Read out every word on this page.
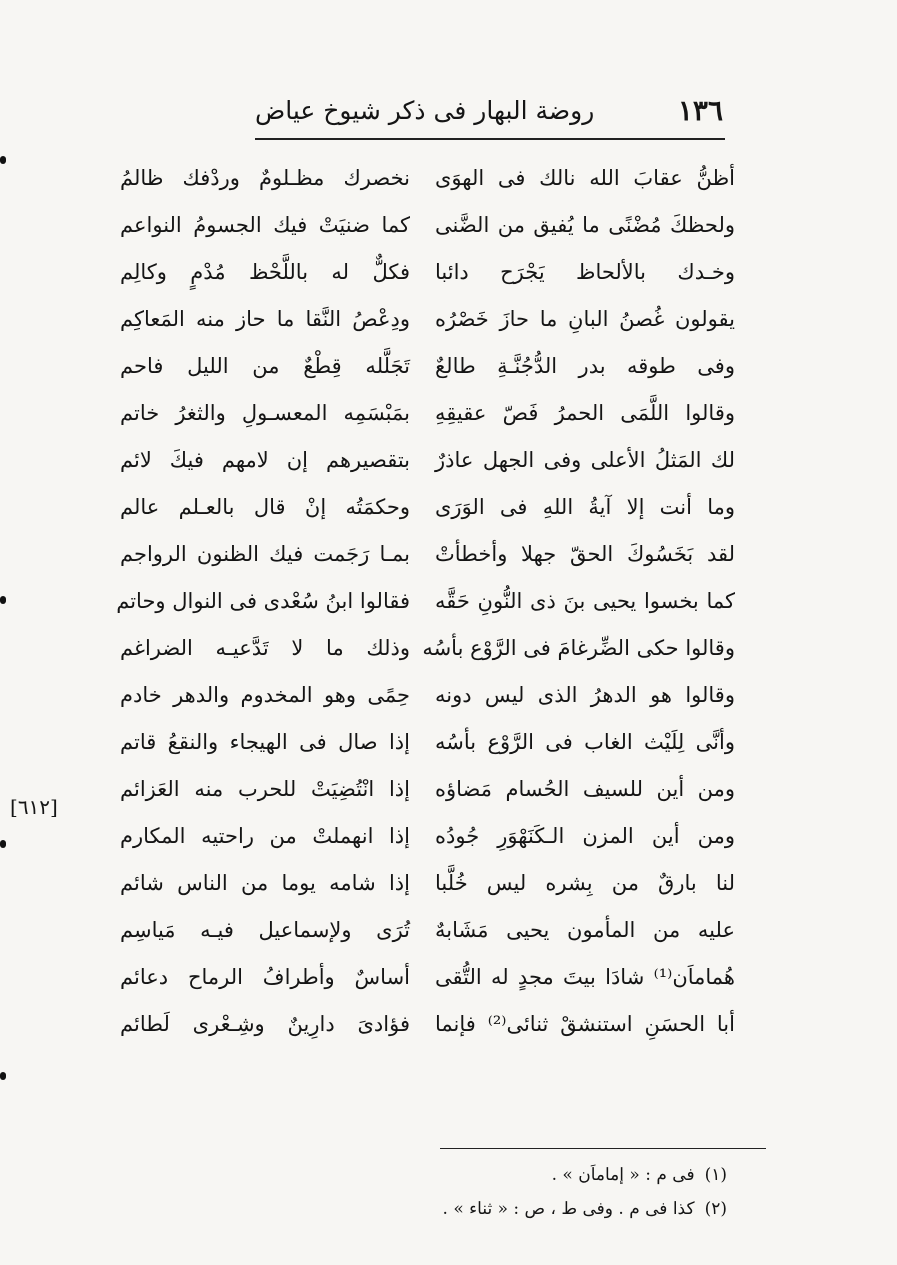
١٣٦
روضة البهار فى ذكر شيوخ عياض
أظنُّ عقابَ الله نالك فى الهوَى
نخصرك مظـلومٌ وردْفك ظالمُ
ولحظكَ مُضْنًى ما يُفيق من الضَّنى
كما ضنيَتْ فيك الجسومُ النواعم
وخـدك بالألحاظ يَجْرَح دائبا
فكلٌّ له باللَّحْظ مُدْمٍ وكالِم
يقولون غُصنُ البانِ ما حازَ خَصْرُه
ودِعْصُ النَّقا ما حاز منه المَعاكِم
وفى طوقه بدر الدُّجُنَّـةِ طالعٌ
تَجَلَّله قِطْعٌ من الليل فاحم
وقالوا اللَّمَى الحمرُ فَصّ عقيقِهِ
بمَبْسَمِه المعسـولِ والثغرُ خاتم
لك المَثلُ الأعلى وفى الجهل عاذرٌ
بتقصيرهم إن لامهم فيكَ لائم
وما أنت إلا آيةُ اللهِ فى الوَرَى
وحكمَتُه إنْ قال بالعـلم عالم
لقد بَخَسُوكَ الحقّ جهلا وأخطأتْ
بمـا رَجَمت فيك الظنون الرواجم
كما بخسوا يحيى بنَ ذى النُّونِ حَقَّه
فقالوا ابنُ سُعْدى فى النوال وحاتم
وقالوا حكى الضِّرغامَ فى الرَّوْع بأسُه
وذلك ما لا تَدَّعيـه الضراغم
وقالوا هو الدهرُ الذى ليس دونه
حِمًى وهو المخدوم والدهر خادم
وأنَّى لِلَيْث الغاب فى الرَّوْع بأسُه
إذا صال فى الهيجاء والنقعُ قاتم
ومن أين للسيف الحُسام مَضاؤه
إذا انْتُضِيَتْ للحرب منه العَزائم
ومن أين المزن الـكَنَهْوَرِ جُودُه
إذا انهملتْ من راحتيه المكارم
لنا بارقٌ من بِشره ليس خُلَّبا
إذا شامه يوما من الناس شائم
عليه من المأمون يحيى مَشَابهٌ
تُرَى ولإسماعيل فيـه مَياسِم
هُماماَن⁽¹⁾ شادَا بيتَ مجدٍ له التُّقى
أساسٌ وأطرافُ الرماح دعائم
أبا الحسَنِ استنشقْ ثنائى⁽²⁾ فإنما
فؤادىَ دارِينٌ وشِـعْرى لَطائم
[٦١٢]
(١)فى م : « إماماَن » .
(٢)كذا فى م . وفى ط ، ص : « ثناء » .
